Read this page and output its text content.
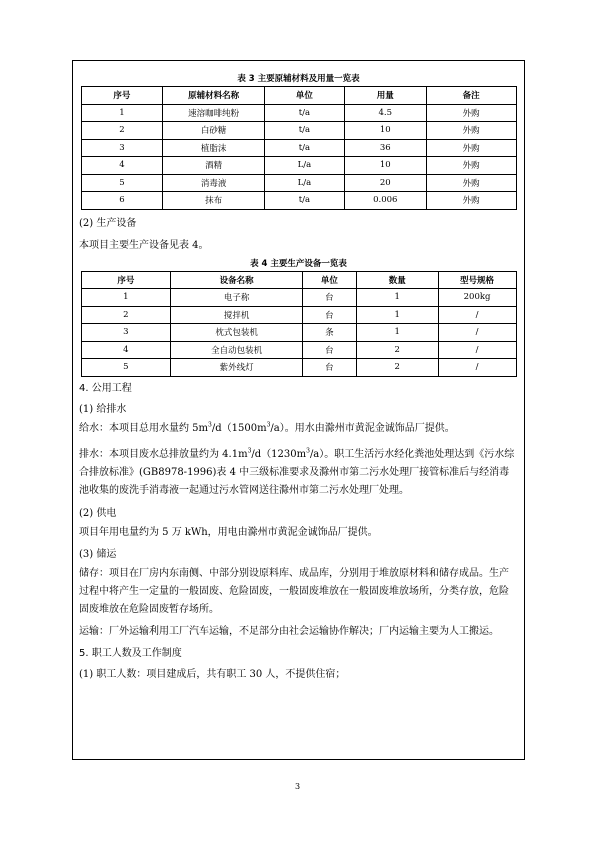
表 3 主要原辅材料及用量一览表
序号	原辅材料名称	单位	用量	备注
1	速溶咖啡纯粉	t/a	4.5	外购
2	白砂糖	t/a	10	外购
3	植脂沫	t/a	36	外购
4	酒精	L/a	10	外购
5	消毒液	L/a	20	外购
6	抹布	t/a	0.006	外购

(2) 生产设备

本项目主要生产设备见表 4。

表 4 主要生产设备一览表
序号	设备名称	单位	数量	型号规格
1	电子称	台	1	200kg
2	搅拌机	台	1	/
3	枕式包装机	条	1	/
4	全自动包装机	台	2	/
5	紫外线灯	台	2	/

4. 公用工程

(1) 给排水

给水：本项目总用水量约 $5m^3/d(1500m^3/a)$。用水由滁州市黄泥金诚饰品厂提供。

排水：本项目废水总排放量约为 $4.1m^3/d(1230m^3/a)$。职工生活污水经化粪池处理达到《污水综合排放标准》(GB8978-1996)表 4 中三级标准要求及滁州市第二污水处理厂接管标准后与经消毒池收集的废洗手消毒液一起通过污水管网送往滁州市第二污水处理厂处理。

(2) 供电

项目年用电量约为 5 万 kWh，用电由滁州市黄泥金诚饰品厂提供。

(3) 储运

储存：项目在厂房内东南侧、中部分别设原料库、成品库，分别用于堆放原材料和储存成品。生产过程中将产生一定量的一般固废、危险固废，一般固废堆放在一般固废堆放场所，分类存放，危险固废堆放在危险固废暂存场所。

运输：厂外运输利用工厂汽车运输，不足部分由社会运输协作解决；厂内运输主要为人工搬运。

5. 职工人数及工作制度

(1) 职工人数：项目建成后，共有职工 30 人，不提供住宿；

3
